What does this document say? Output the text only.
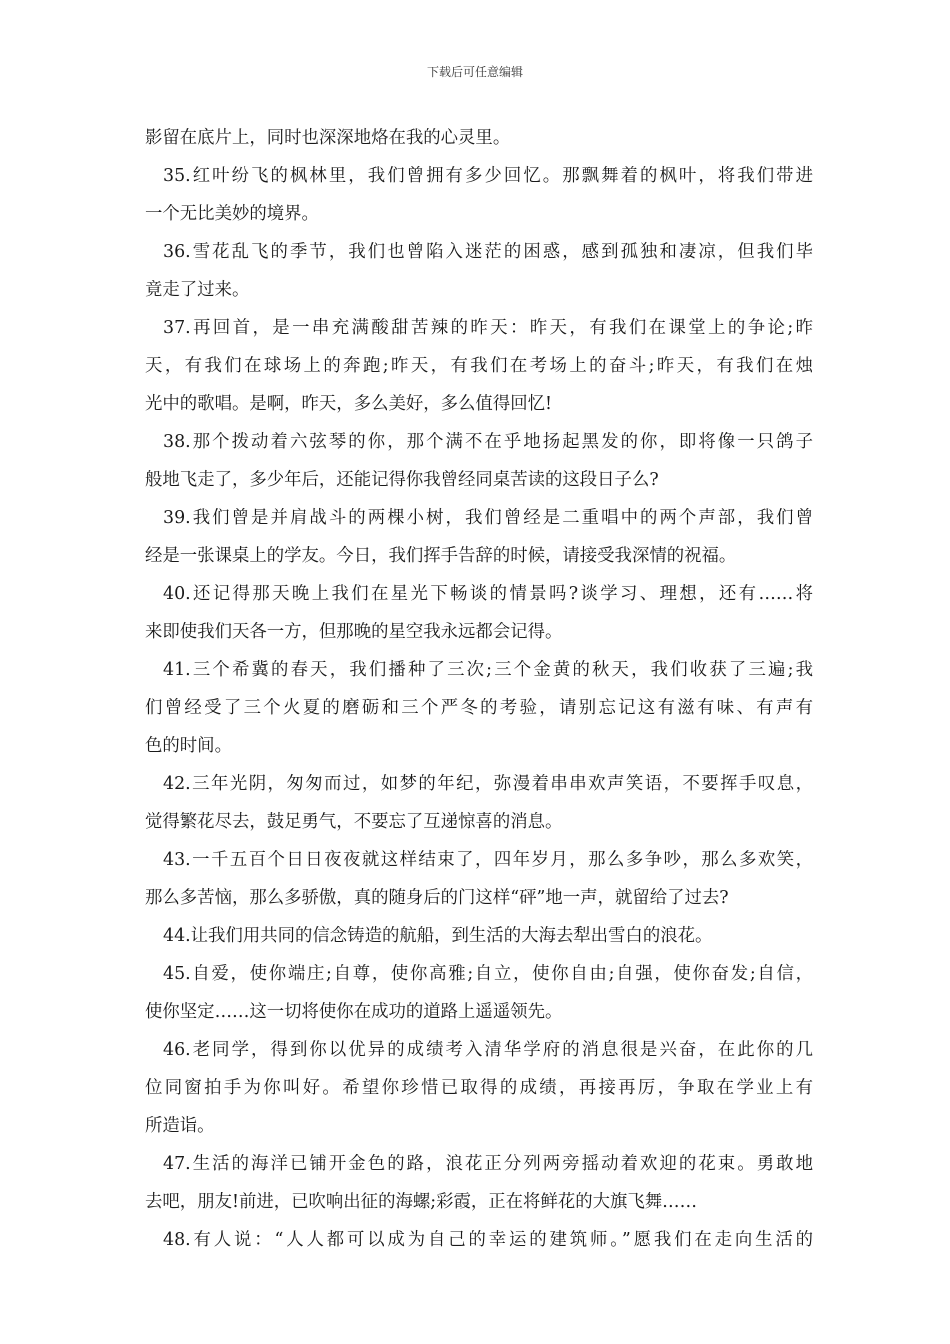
下载后可任意编辑
影留在底片上，同时也深深地烙在我的心灵里。
35.红叶纷飞的枫林里，我们曾拥有多少回忆。那飘舞着的枫叶，将我们带进
一个无比美妙的境界。
36.雪花乱飞的季节，我们也曾陷入迷茫的困惑，感到孤独和凄凉，但我们毕
竟走了过来。
37.再回首，是一串充满酸甜苦辣的昨天：昨天，有我们在课堂上的争论;昨
天，有我们在球场上的奔跑;昨天，有我们在考场上的奋斗;昨天，有我们在烛
光中的歌唱。是啊，昨天，多么美好，多么值得回忆!
38.那个拨动着六弦琴的你，那个满不在乎地扬起黑发的你，即将像一只鸽子
般地飞走了，多少年后，还能记得你我曾经同桌苦读的这段日子么?
39.我们曾是并肩战斗的两棵小树，我们曾经是二重唱中的两个声部，我们曾
经是一张课桌上的学友。今日，我们挥手告辞的时候，请接受我深情的祝福。
40.还记得那天晚上我们在星光下畅谈的情景吗?谈学习、理想，还有……将
来即使我们天各一方，但那晚的星空我永远都会记得。
41.三个希冀的春天，我们播种了三次;三个金黄的秋天，我们收获了三遍;我
们曾经受了三个火夏的磨砺和三个严冬的考验，请别忘记这有滋有味、有声有
色的时间。
42.三年光阴，匆匆而过，如梦的年纪，弥漫着串串欢声笑语，不要挥手叹息，
觉得繁花尽去，鼓足勇气，不要忘了互递惊喜的消息。
43.一千五百个日日夜夜就这样结束了，四年岁月，那么多争吵，那么多欢笑，
那么多苦恼，那么多骄傲，真的随身后的门这样“砰”地一声，就留给了过去?
44.让我们用共同的信念铸造的航船，到生活的大海去犁出雪白的浪花。
45.自爱，使你端庄;自尊，使你高雅;自立，使你自由;自强，使你奋发;自信，
使你坚定……这一切将使你在成功的道路上遥遥领先。
46.老同学，得到你以优异的成绩考入清华学府的消息很是兴奋，在此你的几
位同窗拍手为你叫好。希望你珍惜已取得的成绩，再接再厉，争取在学业上有
所造诣。
47.生活的海洋已铺开金色的路，浪花正分列两旁摇动着欢迎的花束。勇敢地
去吧，朋友!前进，已吹响出征的海螺;彩霞，正在将鲜花的大旗飞舞……
48.有人说：“人人都可以成为自己的幸运的建筑师。”愿我们在走向生活的
